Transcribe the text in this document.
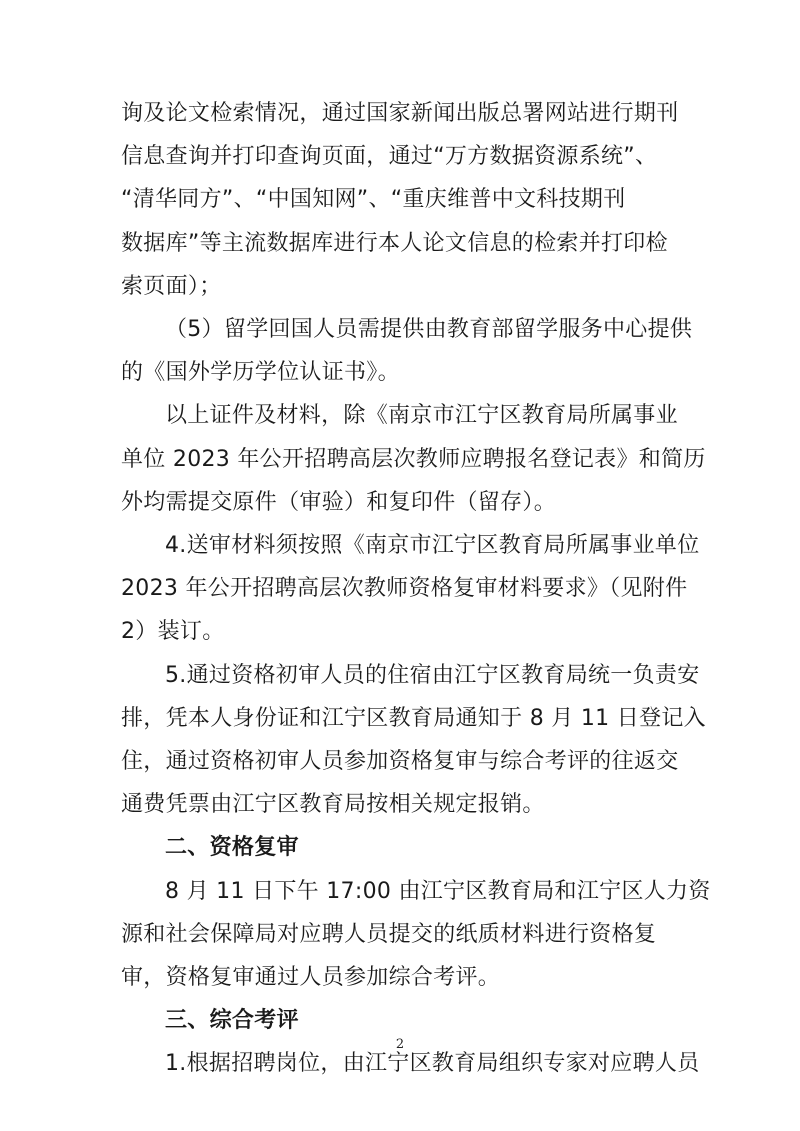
询及论文检索情况，通过国家新闻出版总署网站进行期刊
信息查询并打印查询页面，通过“万方数据资源系统”、
“清华同方”、“中国知网”、“重庆维普中文科技期刊
数据库”等主流数据库进行本人论文信息的检索并打印检
索页面）；
（5）留学回国人员需提供由教育部留学服务中心提供
的《国外学历学位认证书》。
以上证件及材料，除《南京市江宁区教育局所属事业
单位 2023 年公开招聘高层次教师应聘报名登记表》和简历
外均需提交原件（审验）和复印件（留存）。
4.送审材料须按照《南京市江宁区教育局所属事业单位
2023 年公开招聘高层次教师资格复审材料要求》（见附件
2）装订。
5.通过资格初审人员的住宿由江宁区教育局统一负责安
排，凭本人身份证和江宁区教育局通知于 8 月 11 日登记入
住，通过资格初审人员参加资格复审与综合考评的往返交
通费凭票由江宁区教育局按相关规定报销。
二、资格复审
8 月 11 日下午 17:00 由江宁区教育局和江宁区人力资
源和社会保障局对应聘人员提交的纸质材料进行资格复
审，资格复审通过人员参加综合考评。
三、综合考评
1.根据招聘岗位，由江宁区教育局组织专家对应聘人员
2
